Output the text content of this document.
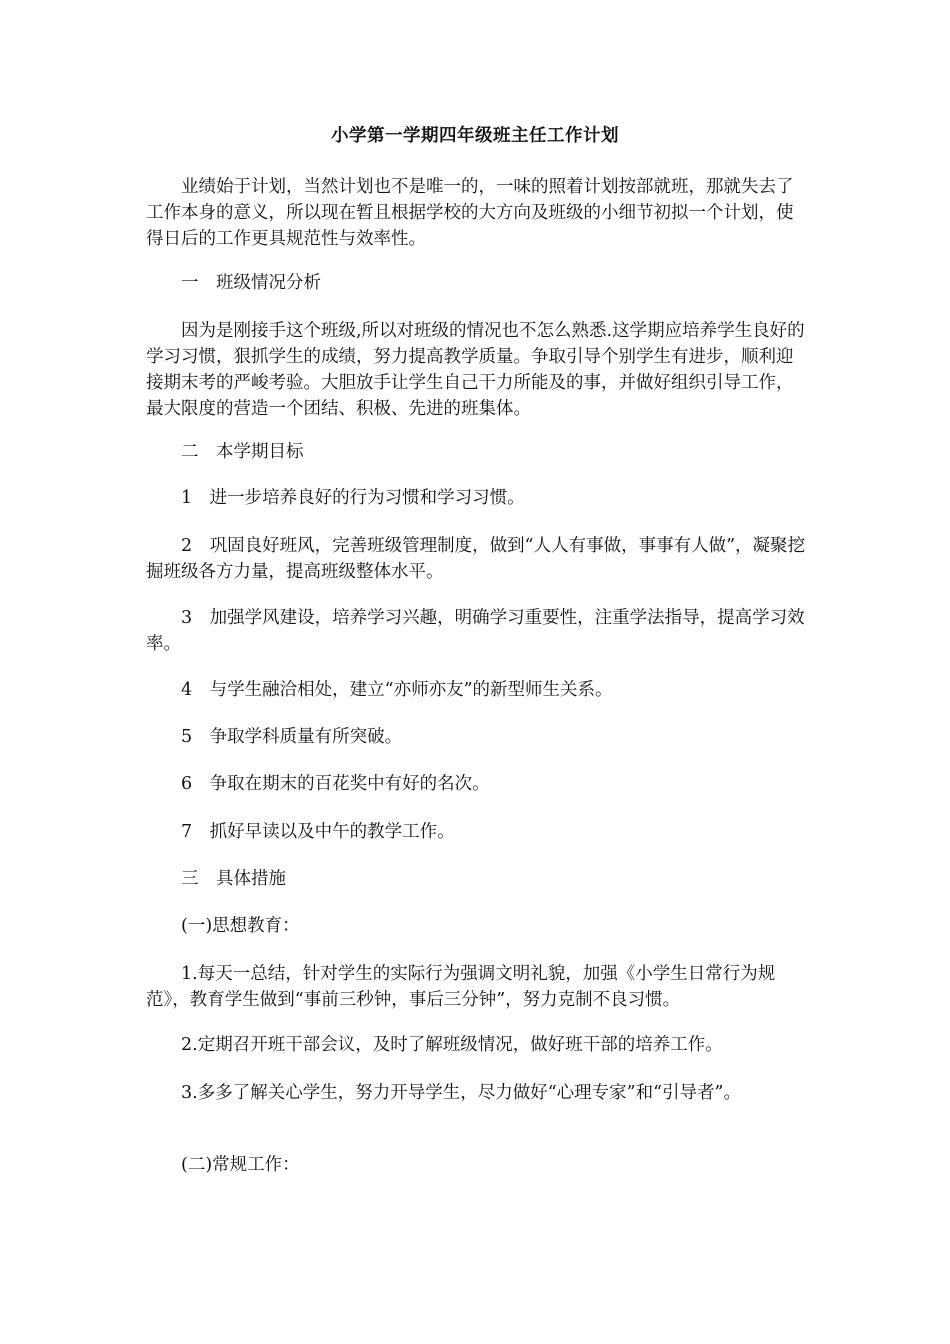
小学第一学期四年级班主任工作计划

业绩始于计划，当然计划也不是唯一的，一味的照着计划按部就班，那就失去了工作本身的意义，所以现在暂且根据学校的大方向及班级的小细节初拟一个计划，使得日后的工作更具规范性与效率性。

一　班级情况分析

因为是刚接手这个班级,所以对班级的情况也不怎么熟悉.这学期应培养学生良好的学习习惯，狠抓学生的成绩，努力提高教学质量。争取引导个别学生有进步，顺利迎接期末考的严峻考验。大胆放手让学生自己干力所能及的事，并做好组织引导工作，最大限度的营造一个团结、积极、先进的班集体。

二　本学期目标

1　进一步培养良好的行为习惯和学习习惯。

2　巩固良好班风，完善班级管理制度，做到“人人有事做，事事有人做”，凝聚挖掘班级各方力量，提高班级整体水平。

3　加强学风建设，培养学习兴趣，明确学习重要性，注重学法指导，提高学习效率。

4　与学生融洽相处，建立“亦师亦友”的新型师生关系。

5　争取学科质量有所突破。

6　争取在期末的百花奖中有好的名次。

7　抓好早读以及中午的教学工作。

三　具体措施

(一)思想教育：

1.每天一总结，针对学生的实际行为强调文明礼貌，加强《小学生日常行为规范》，教育学生做到“事前三秒钟，事后三分钟”，努力克制不良习惯。

2.定期召开班干部会议，及时了解班级情况，做好班干部的培养工作。

3.多多了解关心学生，努力开导学生，尽力做好“心理专家”和“引导者”。

(二)常规工作：
